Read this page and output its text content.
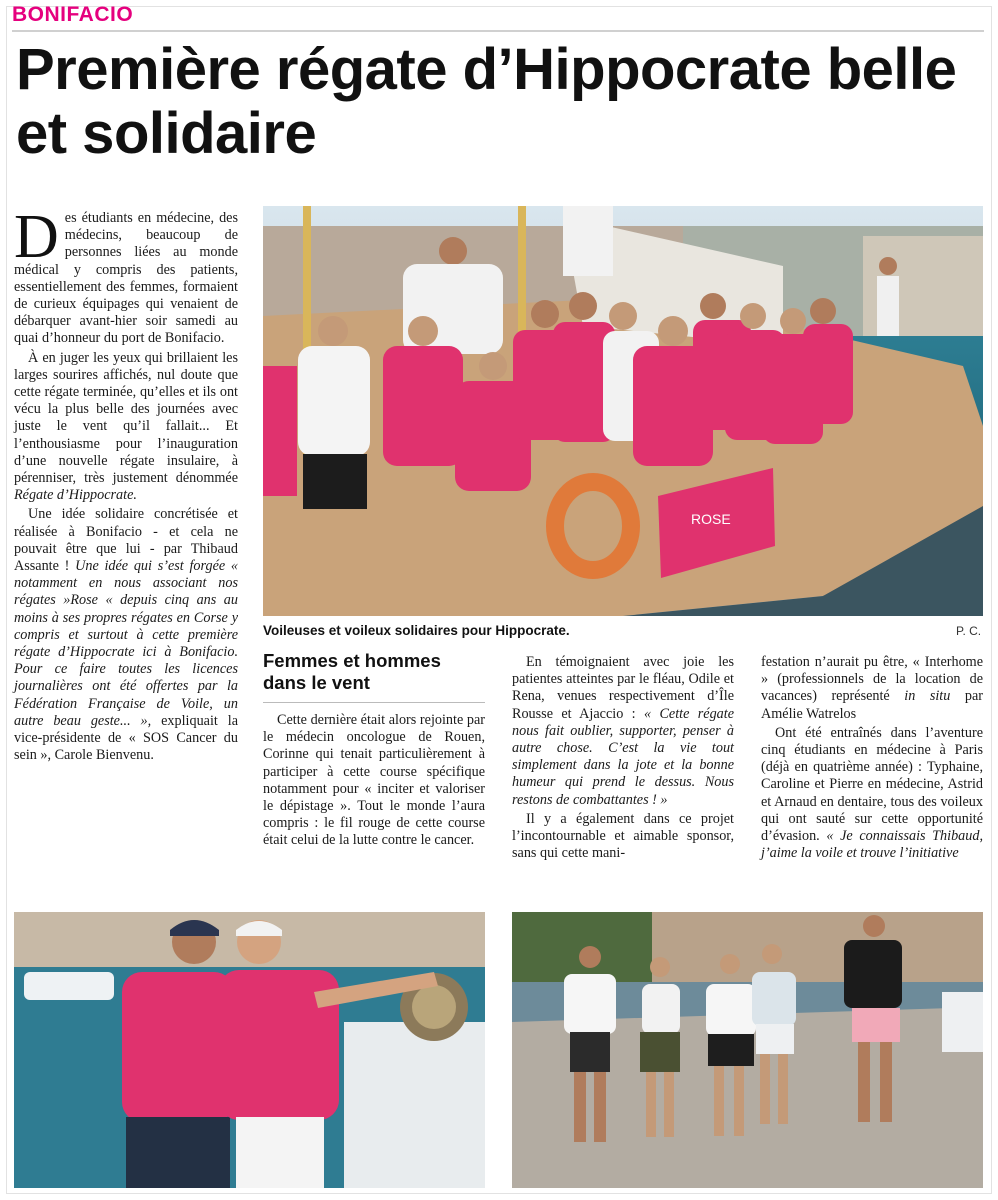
BONIFACIO
Première régate d’Hippocrate belle et solidaire

Des étudiants en médecine, des médecins, beaucoup de personnes liées au monde médical y compris des patients, essentiellement des femmes, formaient de curieux équipages qui venaient de débarquer avant-hier soir samedi au quai d’honneur du port de Bonifacio.

À en juger les yeux qui brillaient les larges sourires affichés, nul doute que cette régate terminée, qu’elles et ils ont vécu la plus belle des journées avec juste le vent qu’il fallait... Et l’enthousiasme pour l’inauguration d’une nouvelle régate insulaire, à pérenniser, très justement dénommée Régate d’Hippocrate.

Une idée solidaire concrétisée et réalisée à Bonifacio - et cela ne pouvait être que lui - par Thibaud Assante ! Une idée qui s’est forgée « notamment en nous associant nos régates »Rose « depuis cinq ans au moins à ses propres régates en Corse y compris et surtout à cette première régate d’Hippocrate ici à Bonifacio. Pour ce faire toutes les licences journalières ont été offertes par la Fédération Française de Voile, un autre beau geste... », expliquait la vice-présidente de « SOS Cancer du sein », Carole Bienvenu.

ROSE
Voileuses et voileux solidaires pour Hippocrate.	P. C.
Femmes et hommes dans le vent

Cette dernière était alors rejointe par le médecin oncologue de Rouen, Corinne qui tenait particulièrement à participer à cette course spécifique notamment pour « inciter et valoriser le dépistage ». Tout le monde l’aura compris : le fil rouge de cette course était celui de la lutte contre le cancer.

En témoignaient avec joie les patientes atteintes par le fléau, Odile et Rena, venues respectivement d’Île Rousse et Ajaccio : « Cette régate nous fait oublier, supporter, penser à autre chose. C’est la vie tout simplement dans la jote et la bonne humeur qui prend le dessus. Nous restons de combattantes ! »

Il y a également dans ce projet l’incontournable et aimable sponsor, sans qui cette mani-

festation n’aurait pu être, « Interhome » (professionnels de la location de vacances) représenté in situ par Amélie Watrelos

Ont été entraînés dans l’aventure cinq étudiants en médecine à Paris (déjà en quatrième année) : Typhaine, Caroline et Pierre en médecine, Astrid et Arnaud en dentaire, tous des voileux qui ont sauté sur cette opportunité d’évasion. « Je connaissais Thibaud, j’aime la voile et trouve l’initiative
